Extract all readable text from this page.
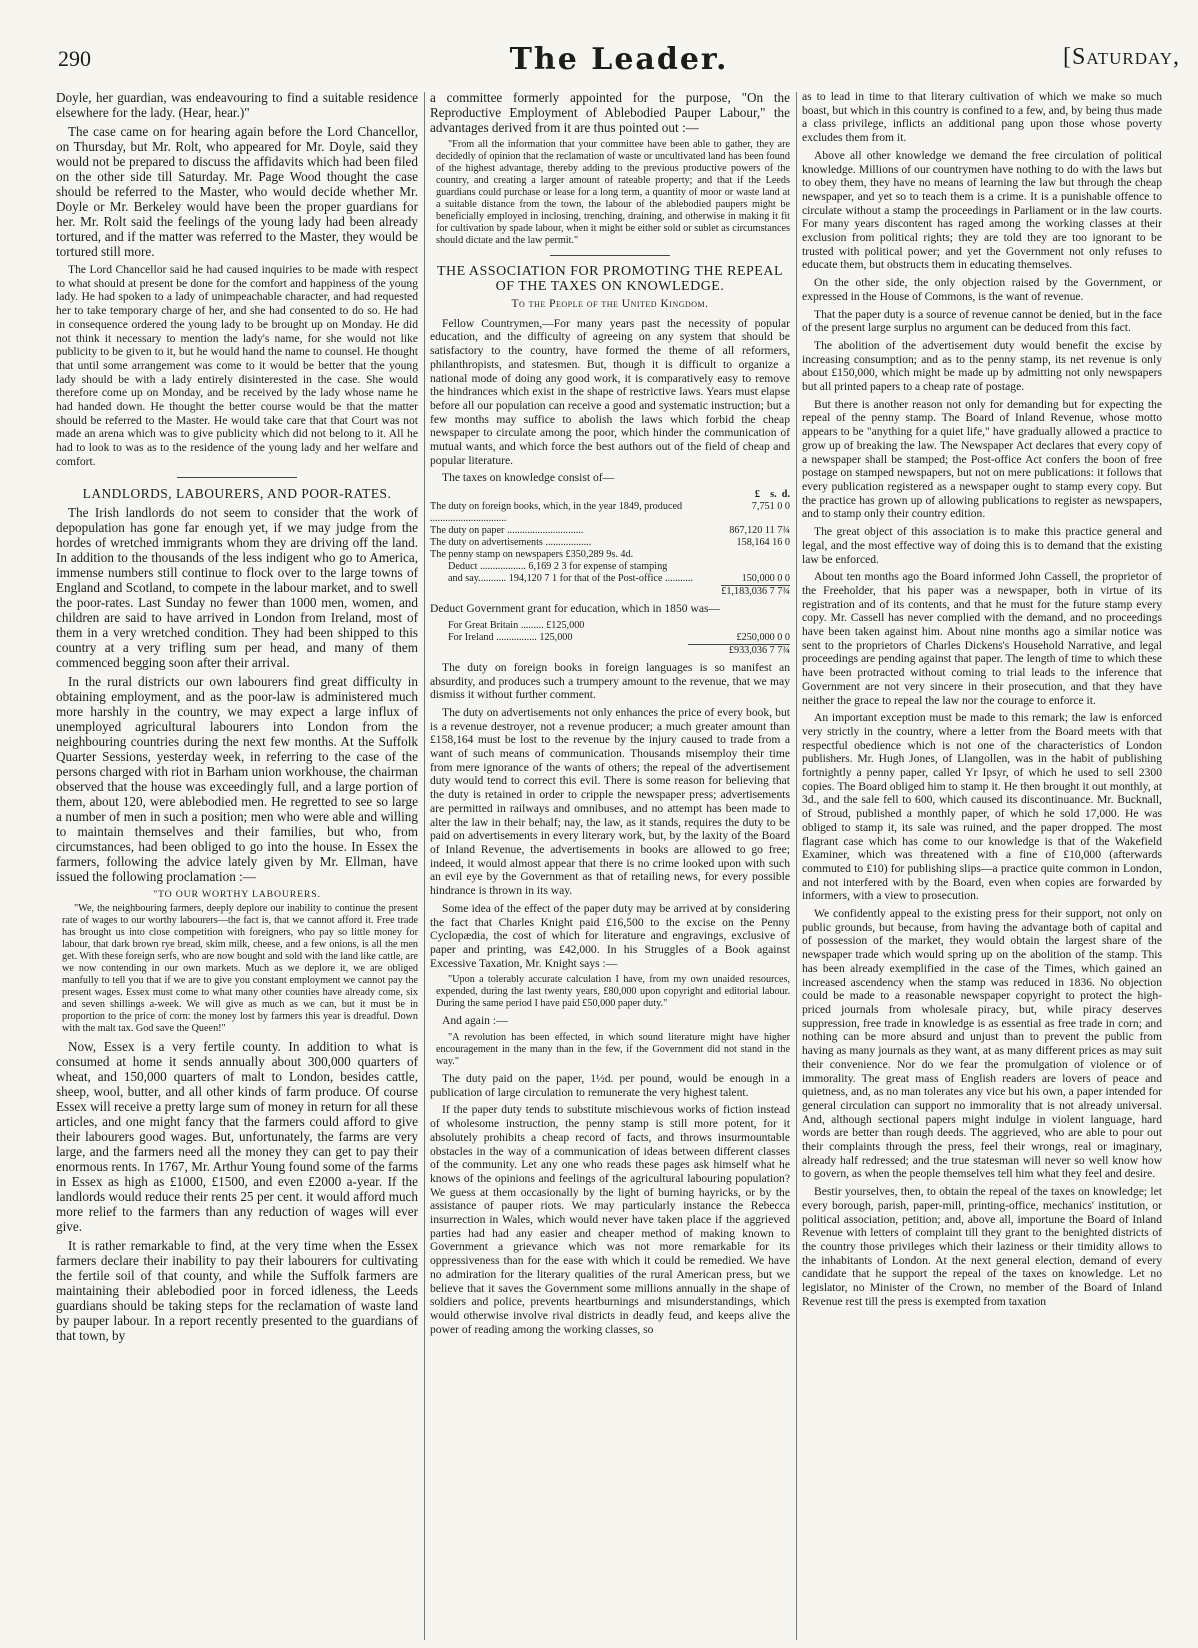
290	The Leader.	[Saturday,

Doyle, her guardian, was endeavouring to find a suitable residence elsewhere for the lady. (Hear, hear.)"

The case came on for hearing again before the Lord Chancellor, on Thursday, but Mr. Rolt, who appeared for Mr. Doyle, said they would not be prepared to discuss the affidavits which had been filed on the other side till Saturday. Mr. Page Wood thought the case should be referred to the Master, who would decide whether Mr. Doyle or Mr. Berkeley would have been the proper guardians for her. Mr. Rolt said the feelings of the young lady had been already tortured, and if the matter was referred to the Master, they would be tortured still more.

The Lord Chancellor said he had caused inquiries to be made with respect to what should at present be done for the comfort and happiness of the young lady. He had spoken to a lady of unimpeachable character, and had requested her to take temporary charge of her, and she had consented to do so. He had in consequence ordered the young lady to be brought up on Monday. He did not think it necessary to mention the lady's name, for she would not like publicity to be given to it, but he would hand the name to counsel. He thought that until some arrangement was come to it would be better that the young lady should be with a lady entirely disinterested in the case. She would therefore come up on Monday, and be received by the lady whose name he had handed down. He thought the better course would be that the matter should be referred to the Master. He would take care that that Court was not made an arena which was to give publicity which did not belong to it. All he had to look to was as to the residence of the young lady and her welfare and comfort.

LANDLORDS, LABOURERS, AND POOR-RATES.

The Irish landlords do not seem to consider that the work of depopulation has gone far enough yet, if we may judge from the hordes of wretched immigrants whom they are driving off the land. In addition to the thousands of the less indigent who go to America, immense numbers still continue to flock over to the large towns of England and Scotland, to compete in the labour market, and to swell the poor-rates. Last Sunday no fewer than 1000 men, women, and children are said to have arrived in London from Ireland, most of them in a very wretched condition. They had been shipped to this country at a very trifling sum per head, and many of them commenced begging soon after their arrival.

In the rural districts our own labourers find great difficulty in obtaining employment, and as the poor-law is administered much more harshly in the country, we may expect a large influx of unemployed agricultural labourers into London from the neighbouring countries during the next few months. At the Suffolk Quarter Sessions, yesterday week, in referring to the case of the persons charged with riot in Barham union workhouse, the chairman observed that the house was exceedingly full, and a large portion of them, about 120, were ablebodied men. He regretted to see so large a number of men in such a position; men who were able and willing to maintain themselves and their families, but who, from circumstances, had been obliged to go into the house. In Essex the farmers, following the advice lately given by Mr. Ellman, have issued the following proclamation :—

"TO OUR WORTHY LABOURERS.

"We, the neighbouring farmers, deeply deplore our inability to continue the present rate of wages to our worthy labourers—the fact is, that we cannot afford it. Free trade has brought us into close competition with foreigners, who pay so little money for labour, that dark brown rye bread, skim milk, cheese, and a few onions, is all the men get. With these foreign serfs, who are now bought and sold with the land like cattle, are we now contending in our own markets. Much as we deplore it, we are obliged manfully to tell you that if we are to give you constant employment we cannot pay the present wages. Essex must come to what many other counties have already come, six and seven shillings a-week. We will give as much as we can, but it must be in proportion to the price of corn: the money lost by farmers this year is dreadful. Down with the malt tax. God save the Queen!"

Now, Essex is a very fertile county. In addition to what is consumed at home it sends annually about 300,000 quarters of wheat, and 150,000 quarters of malt to London, besides cattle, sheep, wool, butter, and all other kinds of farm produce. Of course Essex will receive a pretty large sum of money in return for all these articles, and one might fancy that the farmers could afford to give their labourers good wages. But, unfortunately, the farms are very large, and the farmers need all the money they can get to pay their enormous rents. In 1767, Mr. Arthur Young found some of the farms in Essex as high as £1000, £1500, and even £2000 a-year. If the landlords would reduce their rents 25 per cent. it would afford much more relief to the farmers than any reduction of wages will ever give.

It is rather remarkable to find, at the very time when the Essex farmers declare their inability to pay their labourers for cultivating the fertile soil of that county, and while the Suffolk farmers are maintaining their ablebodied poor in forced idleness, the Leeds guardians should be taking steps for the reclamation of waste land by pauper labour. In a report recently presented to the guardians of that town, by

a committee formerly appointed for the purpose, "On the Reproductive Employment of Ablebodied Pauper Labour," the advantages derived from it are thus pointed out :—

"From all the information that your committee have been able to gather, they are decidedly of opinion that the reclamation of waste or uncultivated land has been found of the highest advantage, thereby adding to the previous productive powers of the country, and creating a larger amount of rateable property; and that if the Leeds guardians could purchase or lease for a long term, a quantity of moor or waste land at a suitable distance from the town, the labour of the ablebodied paupers might be beneficially employed in inclosing, trenching, draining, and otherwise in making it fit for cultivation by spade labour, when it might be either sold or sublet as circumstances should dictate and the law permit."

THE ASSOCIATION FOR PROMOTING THE REPEAL OF THE TAXES ON KNOWLEDGE.
To the People of the United Kingdom.

Fellow Countrymen,—For many years past the necessity of popular education, and the difficulty of agreeing on any system that should be satisfactory to the country, have formed the theme of all reformers, philanthropists, and statesmen. But, though it is difficult to organize a national mode of doing any good work, it is comparatively easy to remove the hindrances which exist in the shape of restrictive laws. Years must elapse before all our population can receive a good and systematic instruction; but a few months may suffice to abolish the laws which forbid the cheap newspaper to circulate among the poor, which hinder the communication of mutual wants, and which force the best authors out of the field of cheap and popular literature.

The taxes on knowledge consist of—

	£ s. d.
The duty on foreign books, which, in the year 1849, produced ..............................	7,751 0 0
The duty on paper ..............................	867,120 11 7¾
The duty on advertisements ..................	158,164 16 0
The penny stamp on newspapers £350,289 9s. 4d.	
Deduct .................. 6,169 2 3 for expense of stamping	
and say........... 194,120 7 1 for that of the Post-office ...........	150,000 0 0
	£1,183,036 7 7¾

Deduct Government grant for education, which in 1850 was—

For Great Britain ......... £125,000	
For Ireland ................ 125,000	£250,000 0 0
	£933,036 7 7¾

The duty on foreign books in foreign languages is so manifest an absurdity, and produces such a trumpery amount to the revenue, that we may dismiss it without further comment.

The duty on advertisements not only enhances the price of every book, but is a revenue destroyer, not a revenue producer; a much greater amount than £158,164 must be lost to the revenue by the injury caused to trade from a want of such means of communication. Thousands misemploy their time from mere ignorance of the wants of others; the repeal of the advertisement duty would tend to correct this evil. There is some reason for believing that the duty is retained in order to cripple the newspaper press; advertisements are permitted in railways and omnibuses, and no attempt has been made to alter the law in their behalf; nay, the law, as it stands, requires the duty to be paid on advertisements in every literary work, but, by the laxity of the Board of Inland Revenue, the advertisements in books are allowed to go free; indeed, it would almost appear that there is no crime looked upon with such an evil eye by the Government as that of retailing news, for every possible hindrance is thrown in its way.

Some idea of the effect of the paper duty may be arrived at by considering the fact that Charles Knight paid £16,500 to the excise on the Penny Cyclopædia, the cost of which for literature and engravings, exclusive of paper and printing, was £42,000. In his Struggles of a Book against Excessive Taxation, Mr. Knight says :—

"Upon a tolerably accurate calculation I have, from my own unaided resources, expended, during the last twenty years, £80,000 upon copyright and editorial labour. During the same period I have paid £50,000 paper duty."

And again :—

"A revolution has been effected, in which sound literature might have higher encouragement in the many than in the few, if the Government did not stand in the way."

The duty paid on the paper, 1½d. per pound, would be enough in a publication of large circulation to remunerate the very highest talent.

If the paper duty tends to substitute mischievous works of fiction instead of wholesome instruction, the penny stamp is still more potent, for it absolutely prohibits a cheap record of facts, and throws insurmountable obstacles in the way of a communication of ideas between different classes of the community. Let any one who reads these pages ask himself what he knows of the opinions and feelings of the agricultural labouring population? We guess at them occasionally by the light of burning hayricks, or by the assistance of pauper riots. We may particularly instance the Rebecca insurrection in Wales, which would never have taken place if the aggrieved parties had had any easier and cheaper method of making known to Government a grievance which was not more remarkable for its oppressiveness than for the ease with which it could be remedied. We have no admiration for the literary qualities of the rural American press, but we believe that it saves the Government some millions annually in the shape of soldiers and police, prevents heartburnings and misunderstandings, which would otherwise involve rival districts in deadly feud, and keeps alive the power of reading among the working classes, so

as to lead in time to that literary cultivation of which we make so much boast, but which in this country is confined to a few, and, by being thus made a class privilege, inflicts an additional pang upon those whose poverty excludes them from it.

Above all other knowledge we demand the free circulation of political knowledge. Millions of our countrymen have nothing to do with the laws but to obey them, they have no means of learning the law but through the cheap newspaper, and yet so to teach them is a crime. It is a punishable offence to circulate without a stamp the proceedings in Parliament or in the law courts. For many years discontent has raged among the working classes at their exclusion from political rights; they are told they are too ignorant to be trusted with political power; and yet the Government not only refuses to educate them, but obstructs them in educating themselves.

On the other side, the only objection raised by the Government, or expressed in the House of Commons, is the want of revenue.

That the paper duty is a source of revenue cannot be denied, but in the face of the present large surplus no argument can be deduced from this fact.

The abolition of the advertisement duty would benefit the excise by increasing consumption; and as to the penny stamp, its net revenue is only about £150,000, which might be made up by admitting not only newspapers but all printed papers to a cheap rate of postage.

But there is another reason not only for demanding but for expecting the repeal of the penny stamp. The Board of Inland Revenue, whose motto appears to be "anything for a quiet life," have gradually allowed a practice to grow up of breaking the law. The Newspaper Act declares that every copy of a newspaper shall be stamped; the Post-office Act confers the boon of free postage on stamped newspapers, but not on mere publications: it follows that every publication registered as a newspaper ought to stamp every copy. But the practice has grown up of allowing publications to register as newspapers, and to stamp only their country edition.

The great object of this association is to make this practice general and legal, and the most effective way of doing this is to demand that the existing law be enforced.

About ten months ago the Board informed John Cassell, the proprietor of the Freeholder, that his paper was a newspaper, both in virtue of its registration and of its contents, and that he must for the future stamp every copy. Mr. Cassell has never complied with the demand, and no proceedings have been taken against him. About nine months ago a similar notice was sent to the proprietors of Charles Dickens's Household Narrative, and legal proceedings are pending against that paper. The length of time to which these have been protracted without coming to trial leads to the inference that Government are not very sincere in their prosecution, and that they have neither the grace to repeal the law nor the courage to enforce it.

An important exception must be made to this remark; the law is enforced very strictly in the country, where a letter from the Board meets with that respectful obedience which is not one of the characteristics of London publishers. Mr. Hugh Jones, of Llangollen, was in the habit of publishing fortnightly a penny paper, called Yr Ipsyr, of which he used to sell 2300 copies. The Board obliged him to stamp it. He then brought it out monthly, at 3d., and the sale fell to 600, which caused its discontinuance. Mr. Bucknall, of Stroud, published a monthly paper, of which he sold 17,000. He was obliged to stamp it, its sale was ruined, and the paper dropped. The most flagrant case which has come to our knowledge is that of the Wakefield Examiner, which was threatened with a fine of £10,000 (afterwards commuted to £10) for publishing slips—a practice quite common in London, and not interfered with by the Board, even when copies are forwarded by informers, with a view to prosecution.

We confidently appeal to the existing press for their support, not only on public grounds, but because, from having the advantage both of capital and of possession of the market, they would obtain the largest share of the newspaper trade which would spring up on the abolition of the stamp. This has been already exemplified in the case of the Times, which gained an increased ascendency when the stamp was reduced in 1836. No objection could be made to a reasonable newspaper copyright to protect the high-priced journals from wholesale piracy, but, while piracy deserves suppression, free trade in knowledge is as essential as free trade in corn; and nothing can be more absurd and unjust than to prevent the public from having as many journals as they want, at as many different prices as may suit their convenience. Nor do we fear the promulgation of violence or of immorality. The great mass of English readers are lovers of peace and quietness, and, as no man tolerates any vice but his own, a paper intended for general circulation can support no immorality that is not already universal. And, although sectional papers might indulge in violent language, hard words are better than rough deeds. The aggrieved, who are able to pour out their complaints through the press, feel their wrongs, real or imaginary, already half redressed; and the true statesman will never so well know how to govern, as when the people themselves tell him what they feel and desire.

Bestir yourselves, then, to obtain the repeal of the taxes on knowledge; let every borough, parish, paper-mill, printing-office, mechanics' institution, or political association, petition; and, above all, importune the Board of Inland Revenue with letters of complaint till they grant to the benighted districts of the country those privileges which their laziness or their timidity allows to the inhabitants of London. At the next general election, demand of every candidate that he support the repeal of the taxes on knowledge. Let no legislator, no Minister of the Crown, no member of the Board of Inland Revenue rest till the press is exempted from taxation
